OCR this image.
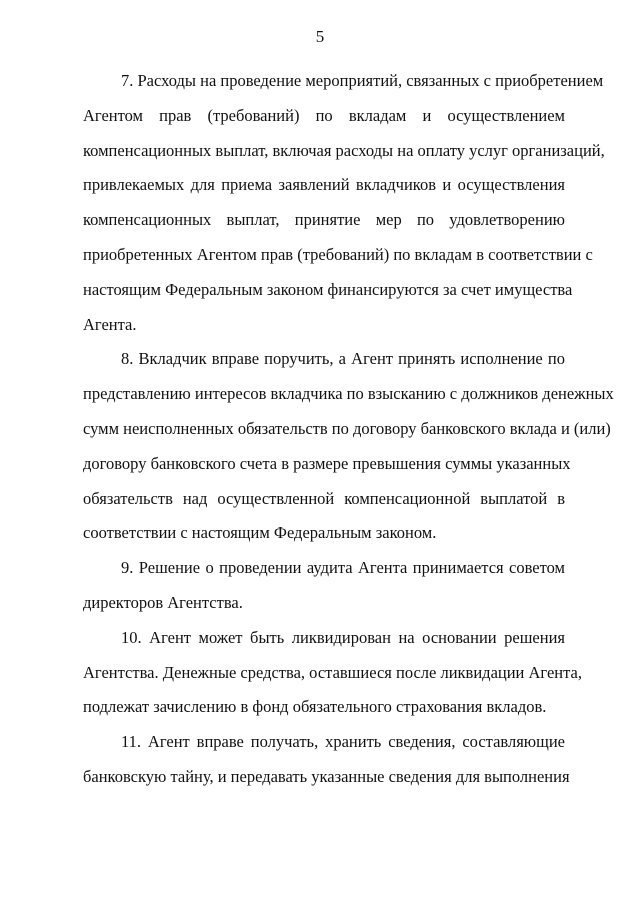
5
7. Расходы на проведение мероприятий, связанных с приобретением
Агентом прав (требований) по вкладам и осуществлением
компенсационных выплат, включая расходы на оплату услуг организаций,
привлекаемых для приема заявлений вкладчиков и осуществления
компенсационных выплат, принятие мер по удовлетворению
приобретенных Агентом прав (требований) по вкладам в соответствии с
настоящим Федеральным законом финансируются за счет имущества
Агента.
8. Вкладчик вправе поручить, а Агент принять исполнение по
представлению интересов вкладчика по взысканию с должников денежных
сумм неисполненных обязательств по договору банковского вклада и (или)
договору банковского счета в размере превышения суммы указанных
обязательств над осуществленной компенсационной выплатой в
соответствии с настоящим Федеральным законом.
9. Решение о проведении аудита Агента принимается советом
директоров Агентства.
10. Агент может быть ликвидирован на основании решения
Агентства. Денежные средства, оставшиеся после ликвидации Агента,
подлежат зачислению в фонд обязательного страхования вкладов.
11. Агент вправе получать, хранить сведения, составляющие
банковскую тайну, и передавать указанные сведения для выполнения
